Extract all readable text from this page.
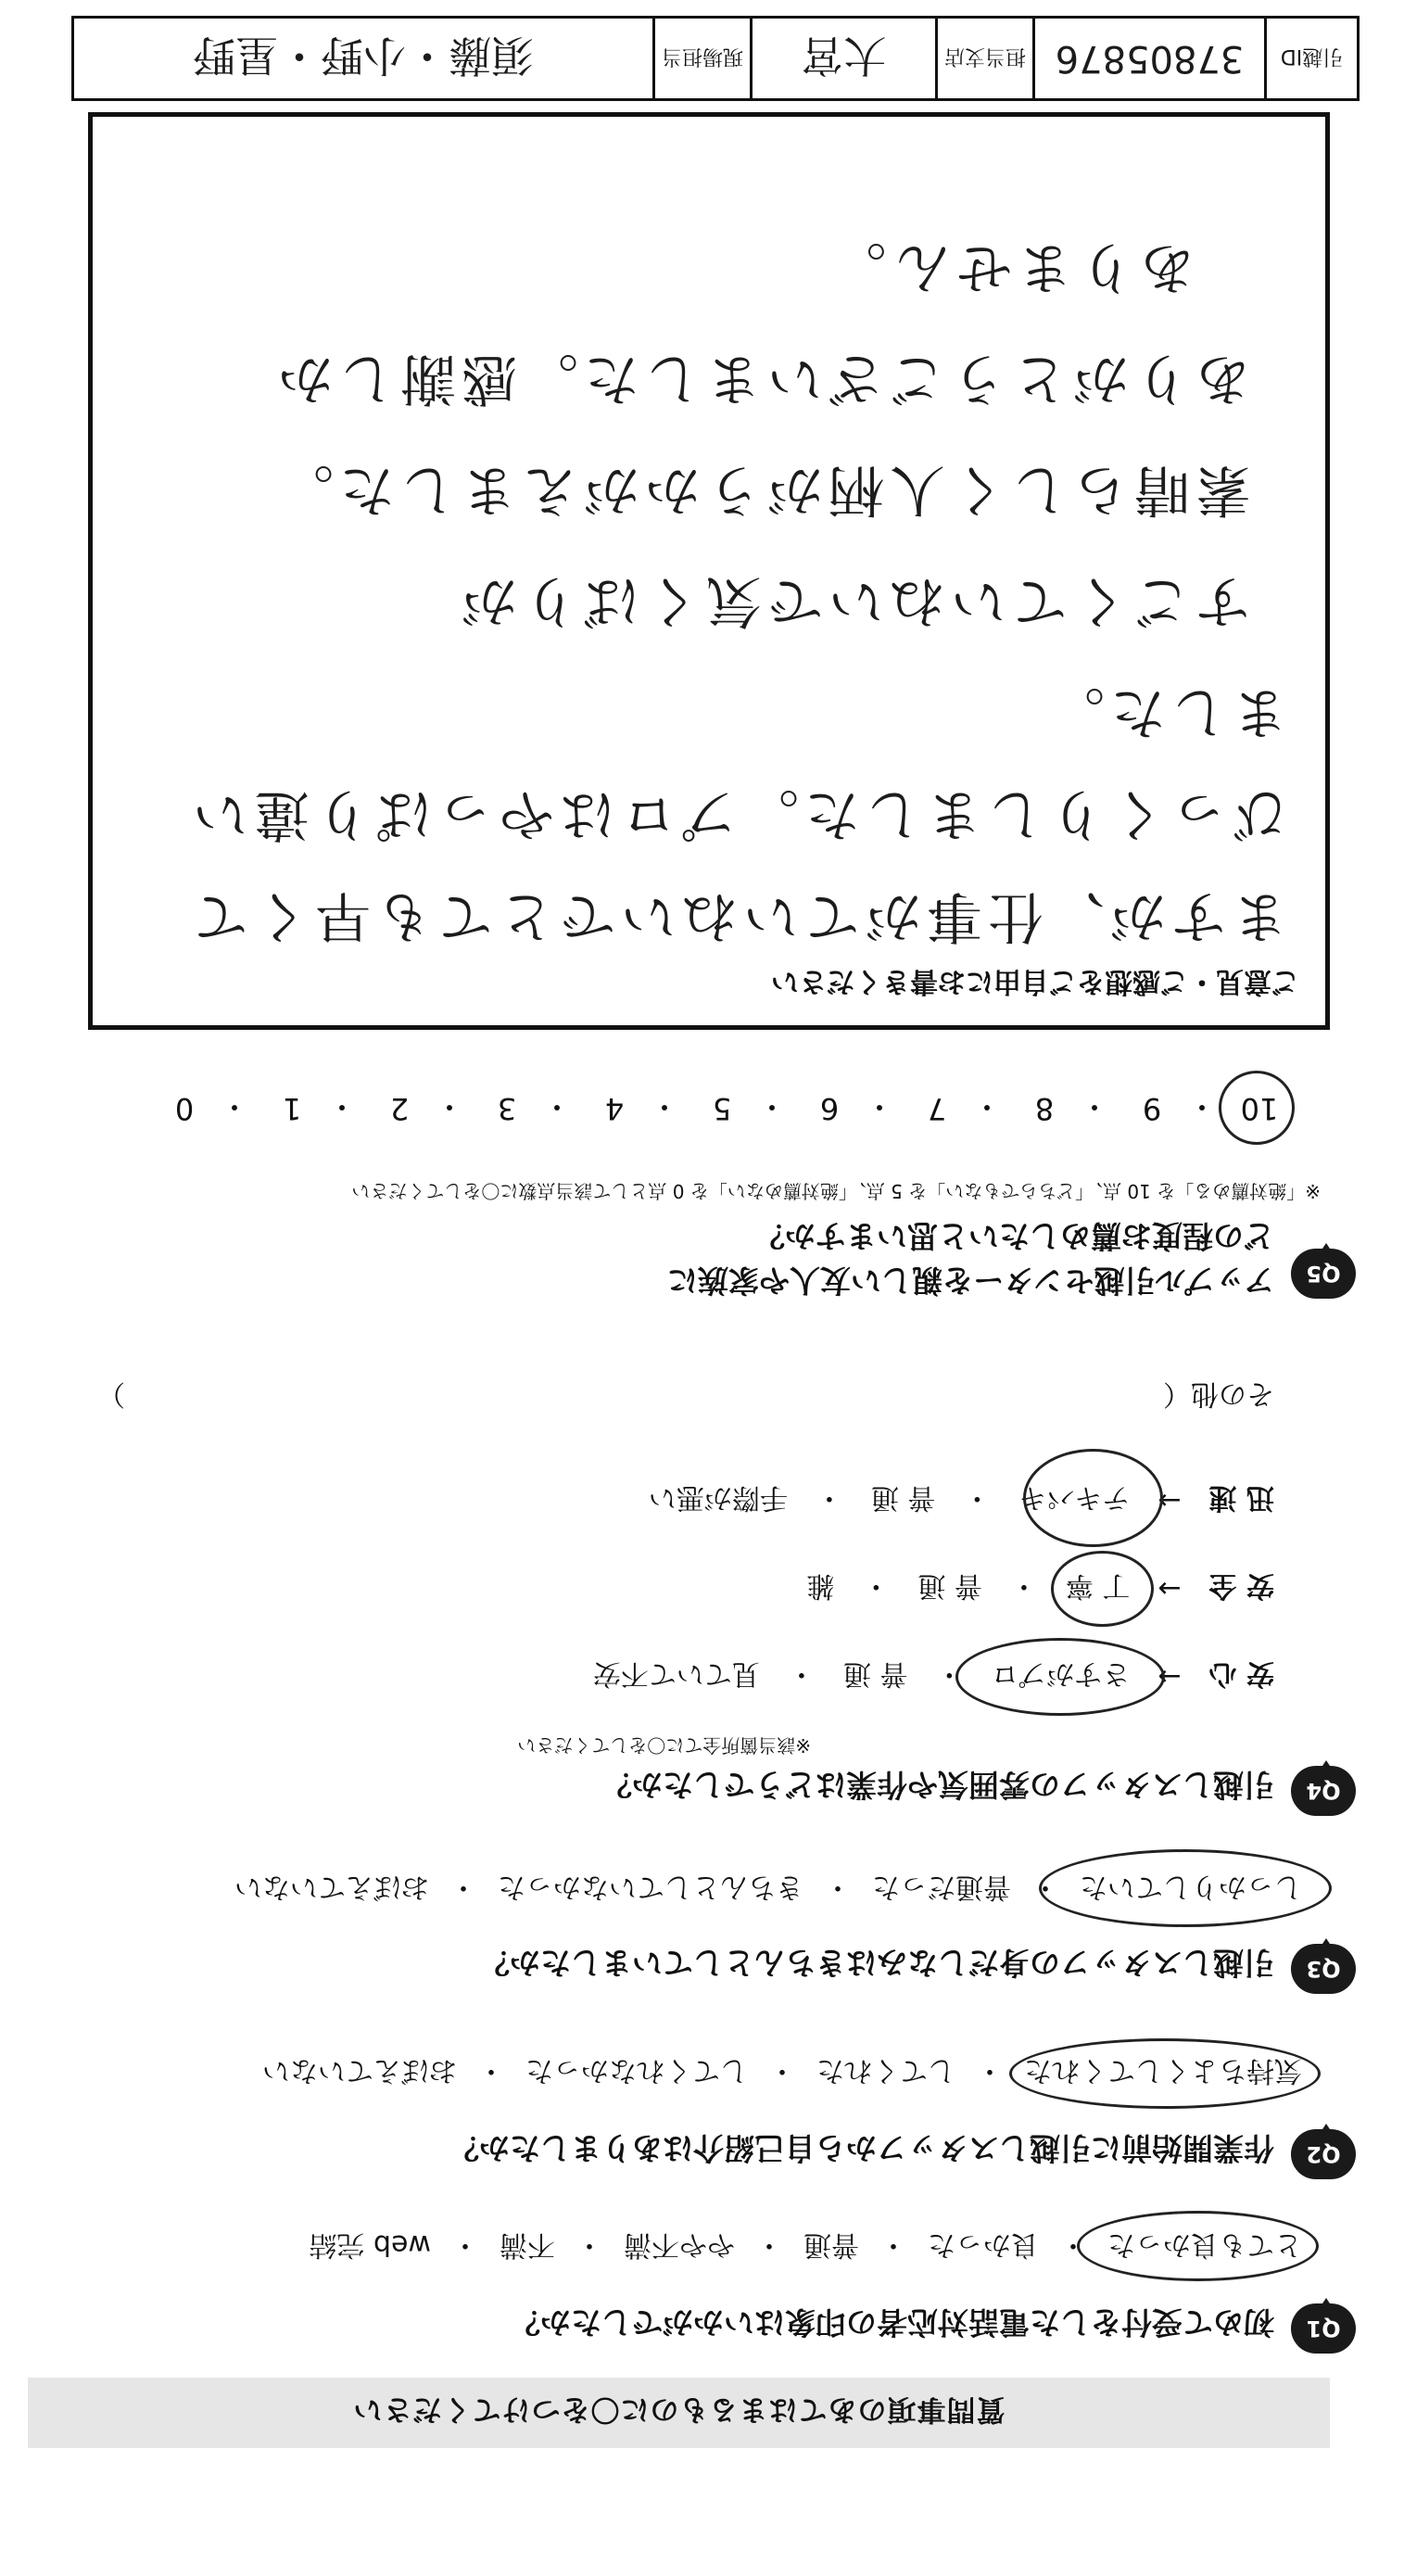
質問事項のあてはまるものに〇をつけてください
Q1
初めて受付をした電話対応者の印象はいかがでしたか？
とても良かった
・
良かった
・
普通
・
やや不満
・
不満
・
web 完結
Q2
作業開始前に引越しスタッフから自己紹介はありましたか？
気持ちよくしてくれた
・
してくれた
・
してくれなかった
・
おぼえていない
Q3
引越しスタッフの身だしなみはきちんとしていましたか？
しっかりしていた
・
普通だった
・
きちんとしていなかった
・
おぼえていない
Q4
引越しスタッフの雰囲気や作業はどうでしたか？
※該当箇所全てに〇をしてください
安 心
→
さすがプロ
・
普 通
・
見ていて不安
安 全
→
丁 寧
・
普 通
・
雑
迅 速
→
テキパキ
・
普 通
・
手際が悪い
その他（
）
Q5
アップル引越センターを親しい友人や家族に
どの程度お薦めしたいと思いますか？
※「絶対薦める」を 10 点、「どちらでもない」を 5 点、「絶対薦めない」を 0 点として該当点数に〇をしてください
10
・
9
・
8
・
7
・
6
・
5
・
4
・
3
・
2
・
1
・
0
ご意見・ご感想をご自由にお書きください
ますが、仕事がていねいでとても早くて
びっくりしました。プロはやっぱり違い
ました。
すごくていねいで気くばりが
素晴らしく人柄がうかがえました。
ありがとうございました。感謝しか
ありません。
引越ID
37805876
担当支店
大宮
現場担当
須藤・小野・星野
